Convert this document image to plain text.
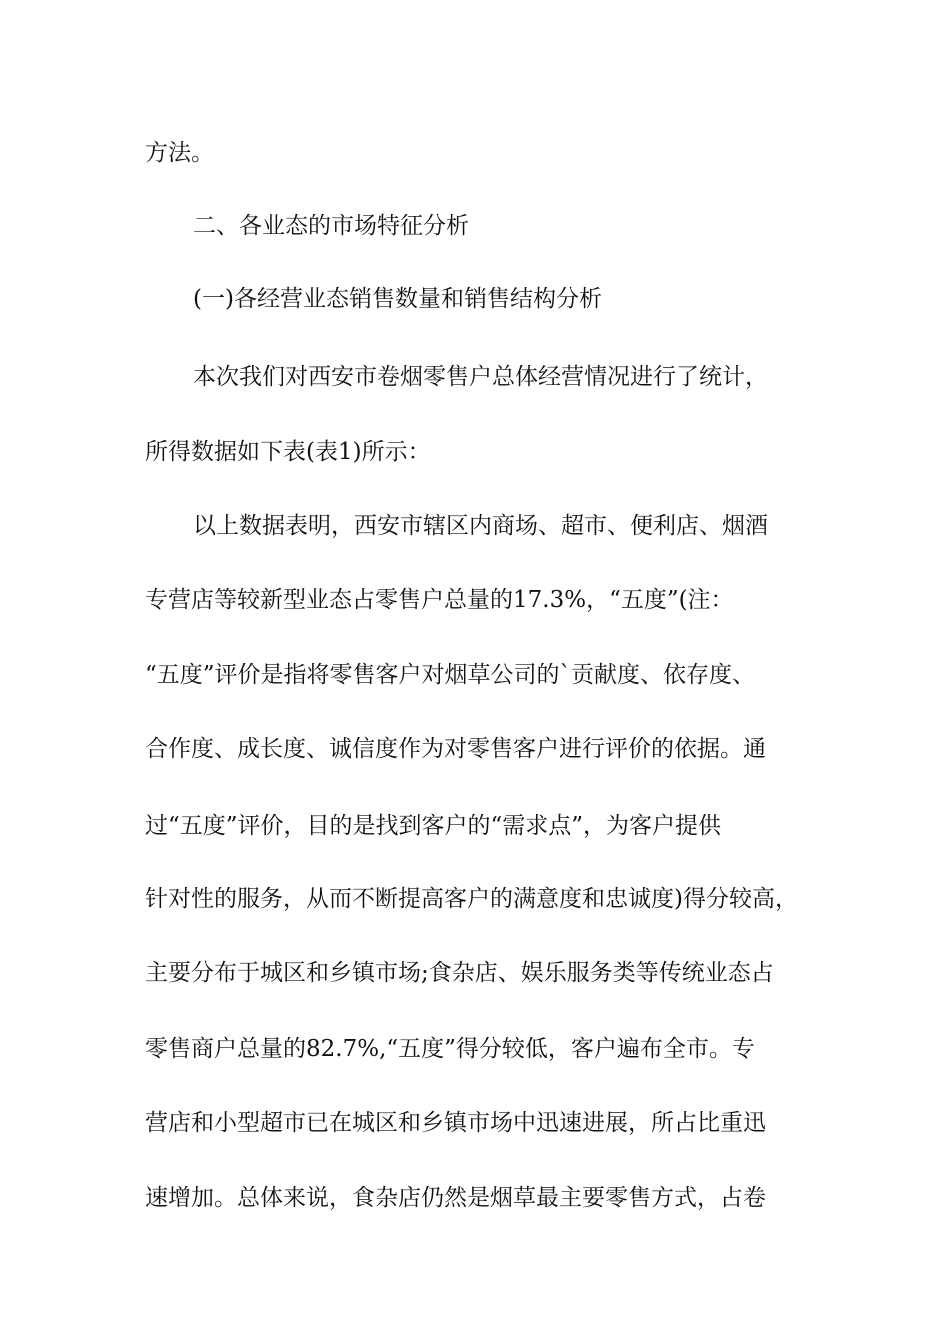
方法。
二、各业态的市场特征分析
(一)各经营业态销售数量和销售结构分析
本次我们对西安市卷烟零售户总体经营情况进行了统计，
所得数据如下表(表1)所示：
以上数据表明，西安市辖区内商场、超市、便利店、烟酒
专营店等较新型业态占零售户总量的17.3%，“五度”(注：
“五度”评价是指将零售客户对烟草公司的`贡献度、依存度、
合作度、成长度、诚信度作为对零售客户进行评价的依据。通
过“五度”评价，目的是找到客户的“需求点”，为客户提供
针对性的服务，从而不断提高客户的满意度和忠诚度)得分较高，
主要分布于城区和乡镇市场;食杂店、娱乐服务类等传统业态占
零售商户总量的82.7%,“五度”得分较低，客户遍布全市。专
营店和小型超市已在城区和乡镇市场中迅速进展，所占比重迅
速增加。总体来说，食杂店仍然是烟草最主要零售方式，占卷
